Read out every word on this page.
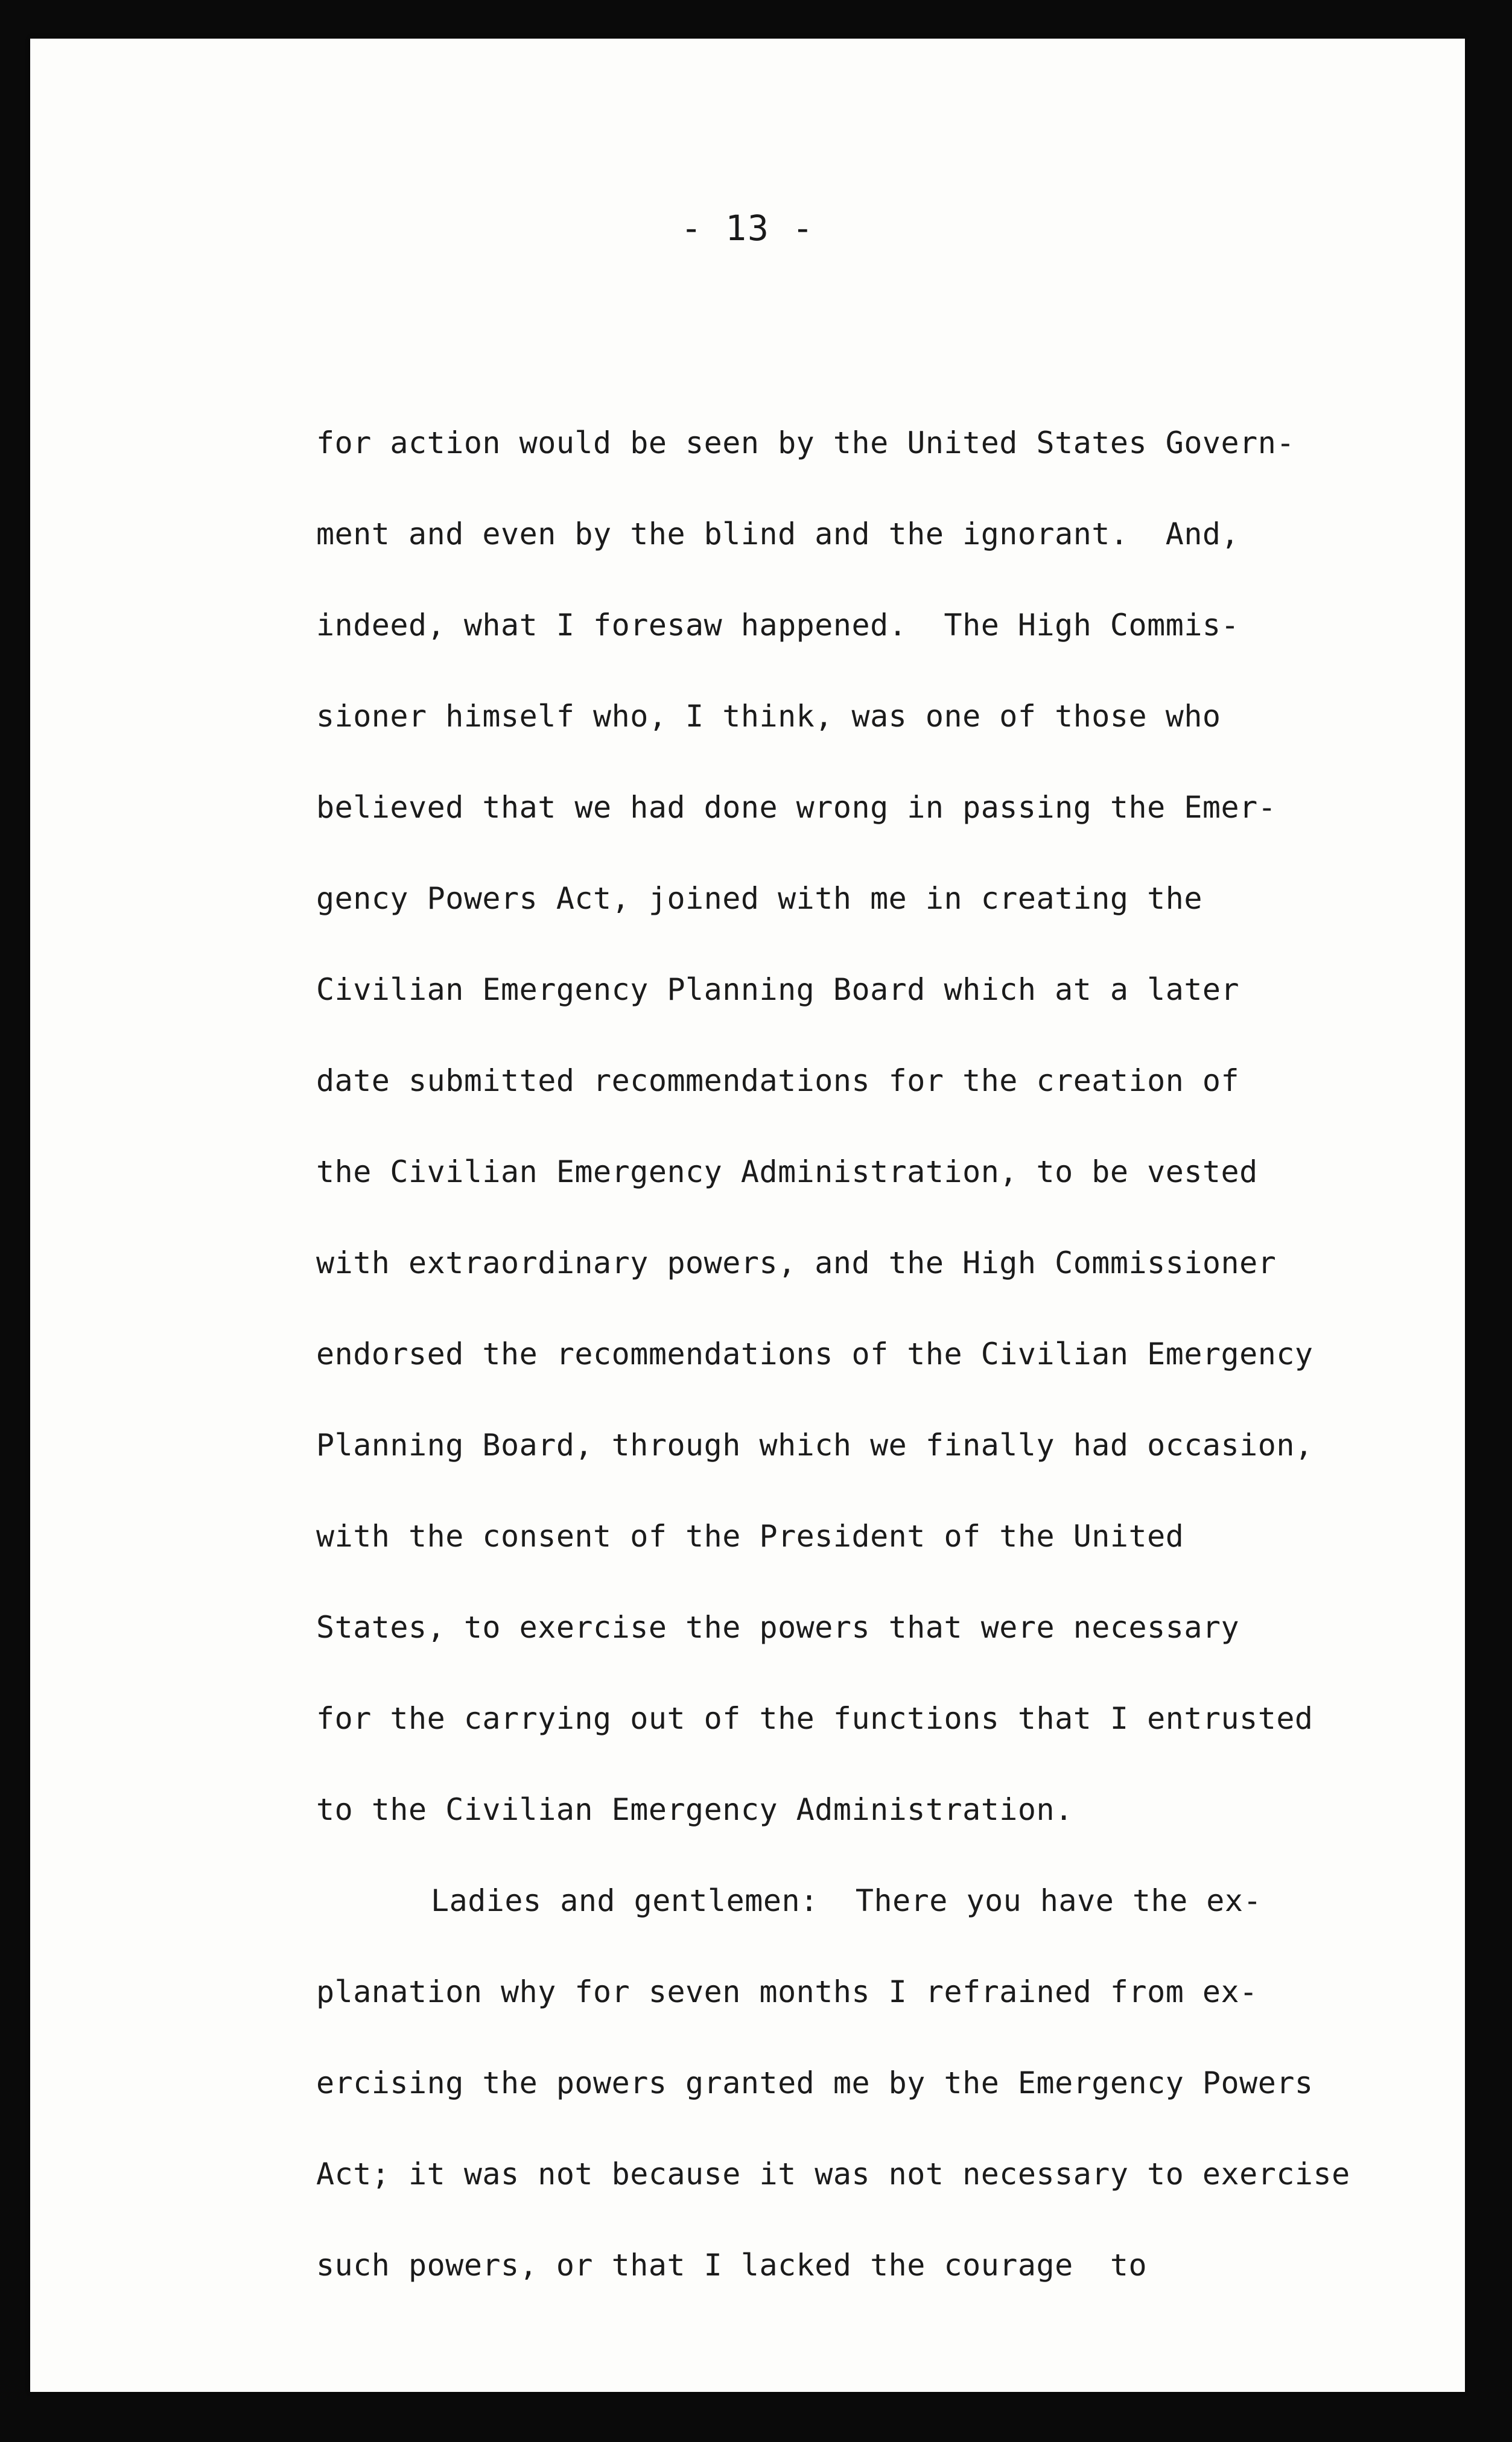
- 13 -
for action would be seen by the United States Govern-
ment and even by the blind and the ignorant.  And,
indeed, what I foresaw happened.  The High Commis-
sioner himself who, I think, was one of those who
believed that we had done wrong in passing the Emer-
gency Powers Act, joined with me in creating the
Civilian Emergency Planning Board which at a later
date submitted recommendations for the creation of
the Civilian Emergency Administration, to be vested
with extraordinary powers, and the High Commissioner
endorsed the recommendations of the Civilian Emergency
Planning Board, through which we finally had occasion,
with the consent of the President of the United
States, to exercise the powers that were necessary
for the carrying out of the functions that I entrusted
to the Civilian Emergency Administration.
Ladies and gentlemen:  There you have the ex-
planation why for seven months I refrained from ex-
ercising the powers granted me by the Emergency Powers
Act; it was not because it was not necessary to exercise
such powers, or that I lacked the courage  to
